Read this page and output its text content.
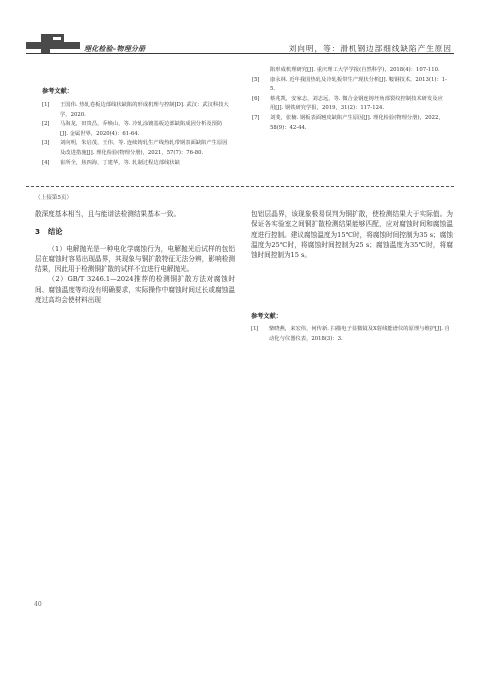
理化检验–物理分册	刘向明，等：滑机钢边部细线缺陷产生原因
参考文献：
[1] 王国伟. 热轧卷板边部线状缺陷的形成机理与控制[D]. 武汉：武汉科技大学，2020.
[2] 马海龙，田贵昌，乔焕山，等. 冷轧涂镀基板边部缺陷成因分析及预防[J]. 金属世界，2020(4)：61-64.
[3] 刘向明，朱启茂，王伟，等. 连续铸轧生产线热轧带钢表面缺陷产生原因及改进措施[J]. 理化检验(物理分册)，2021，57(7)：76-80.
[4] 崔所全，焦四海，丁建华，等. 轧制过程边部线状缺
陷形成机理研究[J]. 重庆理工大学学报(自然科学)，2018(4)：107-110.
[5] 康永林. 近年我国热轧及冷轧板带生产现状分析[J]. 鞍钢技术，2013(1)：1-5.
[6] 蔡兆凯，安家志，刘志远，等. 微合金钢连铸坯角部裂纹控制技术研发及应用[J]. 钢铁研究学报，2019，31(2)：117-124.
[7] 刘斐，张楠. 钢板表面翘皮缺陷产生原因[J]. 理化检验(物理分册)，2022，58(9)：42-44.
（上接第5页）

散深度基本相当，且与能谱法检测结果基本一致。

3 结论

（1）电解抛光是一种电化学腐蚀行为，电解抛光后试样的包铝层在腐蚀时容易出现晶界，其现象与铜扩散特征无法分辨，影响检测结果，因此用于检测铜扩散的试样不宜进行电解抛光。

（2）GB/T 3246.1—2024推荐的检测铜扩散方法对腐蚀时间、腐蚀温度等均没有明确要求，实际操作中腐蚀时间过长或腐蚀温度过高均会使材料出现

包铝层晶界，该现象极易误判为铜扩散，使检测结果大于实际值。为保证各实验室之间铜扩散检测结果能够匹配，应对腐蚀时间和腐蚀温度进行控制。建议腐蚀温度为15℃时，将腐蚀时间控制为35 s；腐蚀温度为25℃时，将腐蚀时间控制为25 s；腐蚀温度为35℃时，将腐蚀时间控制为15 s。

参考文献：
[1] 柴晓燕，来宏伟，何传新. 扫描电子显微镜及X射线能谱仪的原理与维护[J]. 自动化与仪器仪表，2018(3)：3.
40
